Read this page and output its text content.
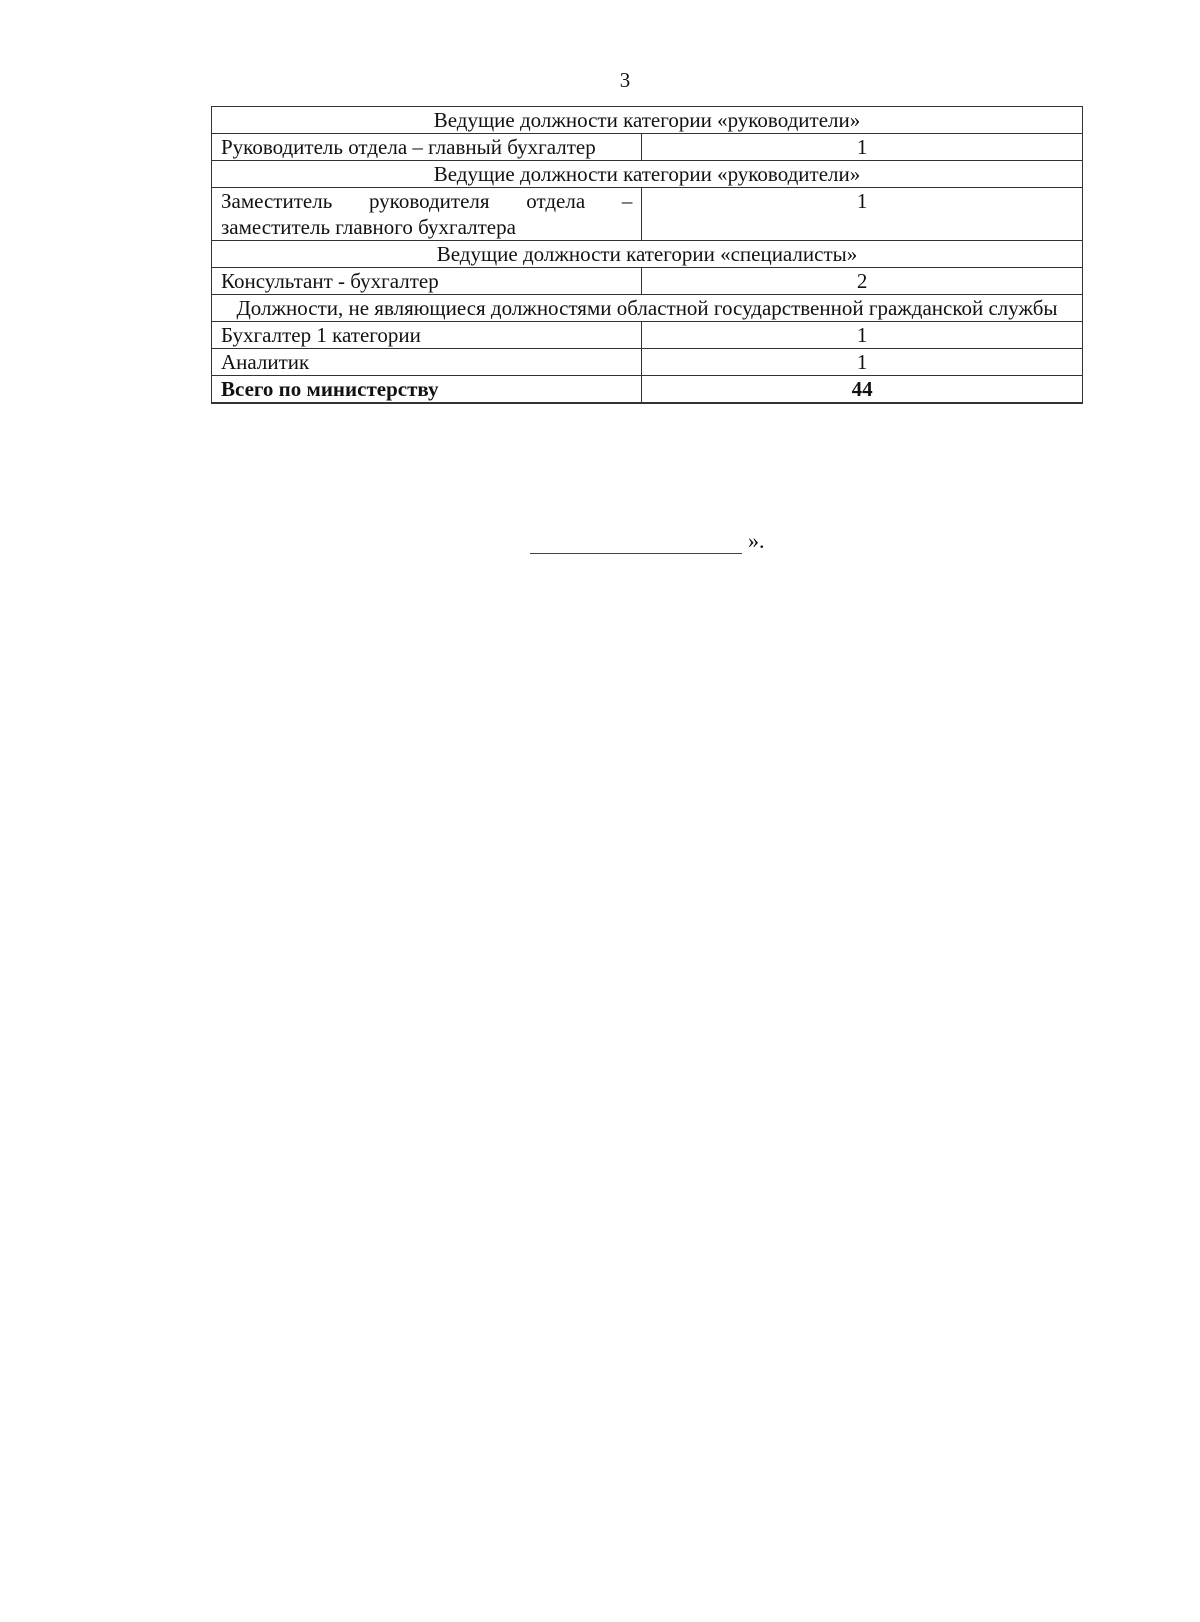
3
Ведущие должности категории «руководители»	
Руководитель отдела – главный бухгалтер	1
Ведущие должности категории «руководители»	
Заместитель руководителя отдела – заместитель главного бухгалтера	1
Ведущие должности категории «специалисты»	
Консультант - бухгалтер	2
Должности, не являющиеся должностями областной государственной гражданской службы	
Бухгалтер 1 категории	1
Аналитик	1
Всего по министерству	44
».
